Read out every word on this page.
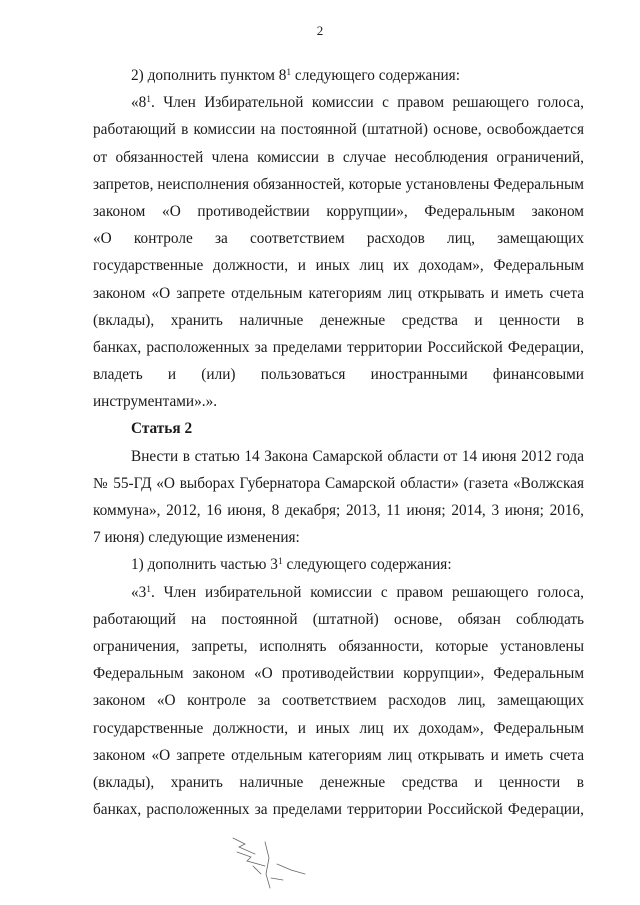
2
2) дополнить пунктом $8^1$ следующего содержания:
«$8^1$. Член Избирательной комиссии с правом решающего голоса,
работающий в комиссии на постоянной (штатной) основе, освобождается
от обязанностей члена комиссии в случае несоблюдения ограничений,
запретов, неисполнения обязанностей, которые установлены Федеральным
законом «О противодействии коррупции», Федеральным законом
«О контроле за соответствием расходов лиц, замещающих
государственные должности, и иных лиц их доходам», Федеральным
законом «О запрете отдельным категориям лиц открывать и иметь счета
(вклады), хранить наличные денежные средства и ценности в
банках, расположенных за пределами территории Российской Федерации,
владеть и (или) пользоваться иностранными финансовыми
инструментами».».
Статья 2
Внести в статью 14 Закона Самарской области от 14 июня 2012 года
№ 55-ГД «О выборах Губернатора Самарской области» (газета «Волжская
коммуна», 2012, 16 июня, 8 декабря; 2013, 11 июня; 2014, 3 июня; 2016,
7 июня) следующие изменения:
1) дополнить частью $3^1$ следующего содержания:
«$3^1$. Член избирательной комиссии с правом решающего голоса,
работающий на постоянной (штатной) основе, обязан соблюдать
ограничения, запреты, исполнять обязанности, которые установлены
Федеральным законом «О противодействии коррупции», Федеральным
законом «О контроле за соответствием расходов лиц, замещающих
государственные должности, и иных лиц их доходам», Федеральным
законом «О запрете отдельным категориям лиц открывать и иметь счета
(вклады), хранить наличные денежные средства и ценности в
банках, расположенных за пределами территории Российской Федерации,
